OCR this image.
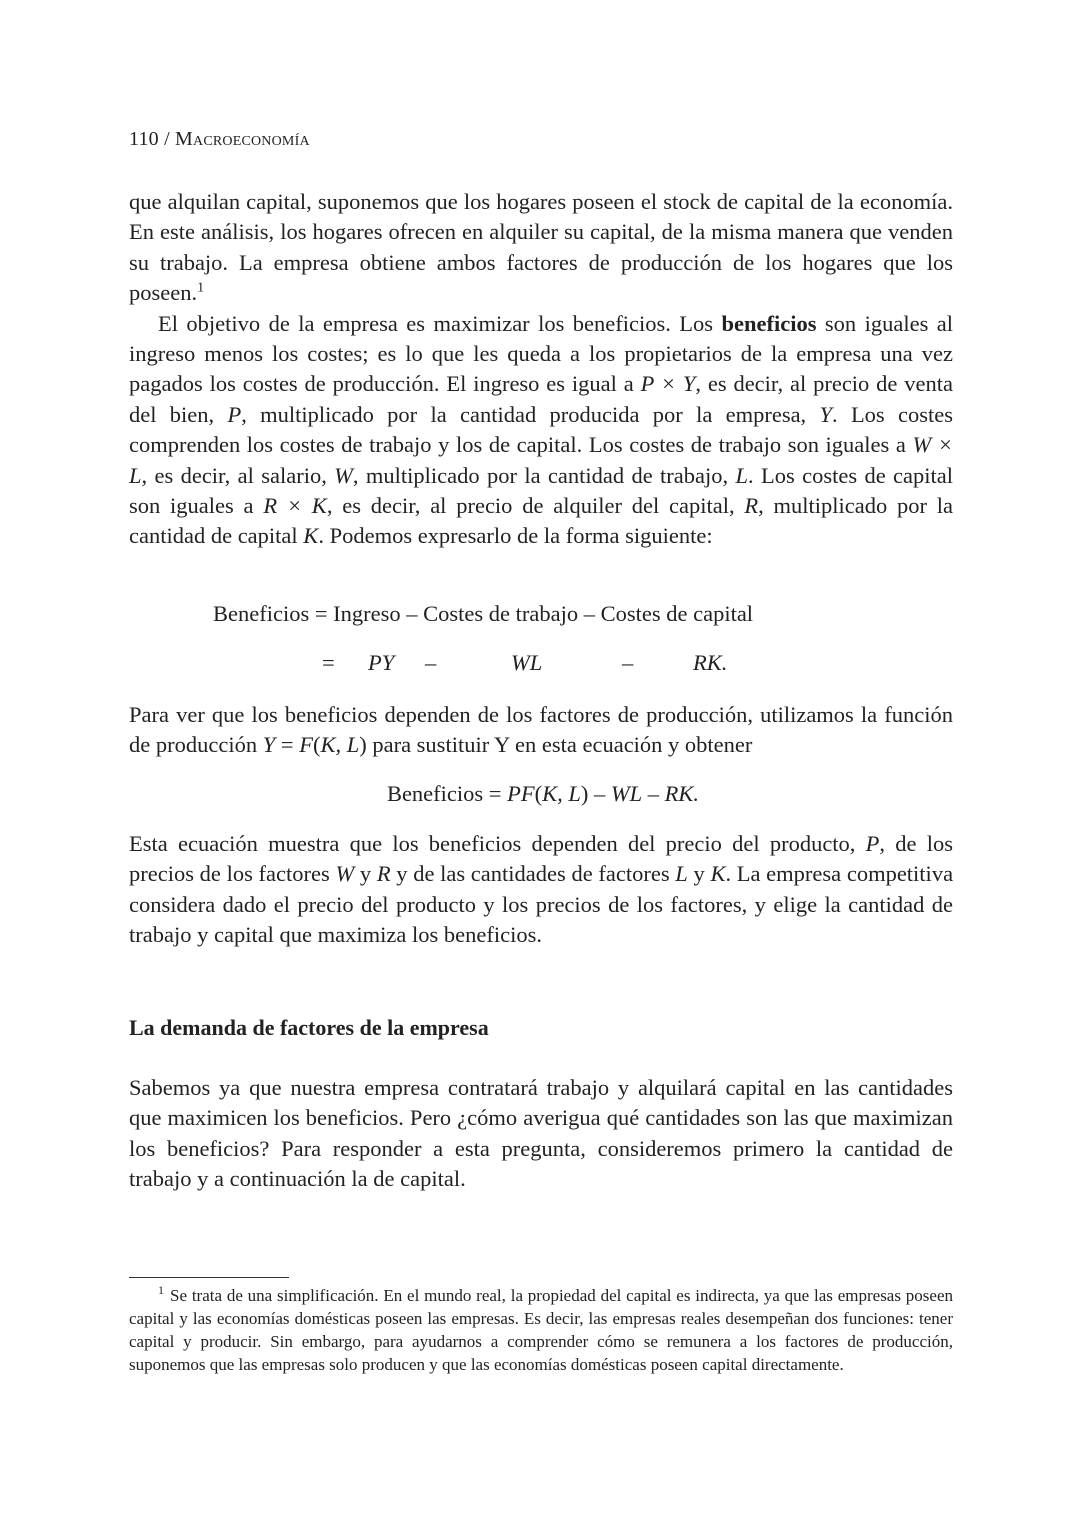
110 / Macroeconomía

que alquilan capital, suponemos que los hogares poseen el stock de capital de la economía. En este análisis, los hogares ofrecen en alquiler su capital, de la misma manera que venden su trabajo. La empresa obtiene ambos factores de producción de los hogares que los poseen.$^1$

El objetivo de la empresa es maximizar los beneficios. Los beneficios son iguales al ingreso menos los costes; es lo que les queda a los propietarios de la empresa una vez pagados los costes de producción. El ingreso es igual a P × Y, es decir, al precio de venta del bien, P, multiplicado por la cantidad producida por la empresa, Y. Los costes comprenden los costes de trabajo y los de capital. Los costes de trabajo son iguales a W × L, es decir, al salario, W, multiplicado por la cantidad de trabajo, L. Los costes de capital son iguales a R × K, es decir, al precio de alquiler del capital, R, multiplicado por la cantidad de capital K. Podemos expresarlo de la forma siguiente:

Beneficios = Ingreso – Costes de trabajo – Costes de capital
= PY –	WL	–	RK.

Para ver que los beneficios dependen de los factores de producción, utilizamos la función de producción Y = F(K, L) para sustituir Y en esta ecuación y obtener

Beneficios = PF(K, L) – WL – RK.

Esta ecuación muestra que los beneficios dependen del precio del producto, P, de los precios de los factores W y R y de las cantidades de factores L y K. La empresa competitiva considera dado el precio del producto y los precios de los factores, y elige la cantidad de trabajo y capital que maximiza los beneficios.

La demanda de factores de la empresa

Sabemos ya que nuestra empresa contratará trabajo y alquilará capital en las cantidades que maximicen los beneficios. Pero ¿cómo averigua qué cantidades son las que maximizan los beneficios? Para responder a esta pregunta, consideremos primero la cantidad de trabajo y a continuación la de capital.

$^1$ Se trata de una simplificación. En el mundo real, la propiedad del capital es indirecta, ya que las empresas poseen capital y las economías domésticas poseen las empresas. Es decir, las empresas reales desempeñan dos funciones: tener capital y producir. Sin embargo, para ayudarnos a comprender cómo se remunera a los factores de producción, suponemos que las empresas solo producen y que las economías domésticas poseen capital directamente.
